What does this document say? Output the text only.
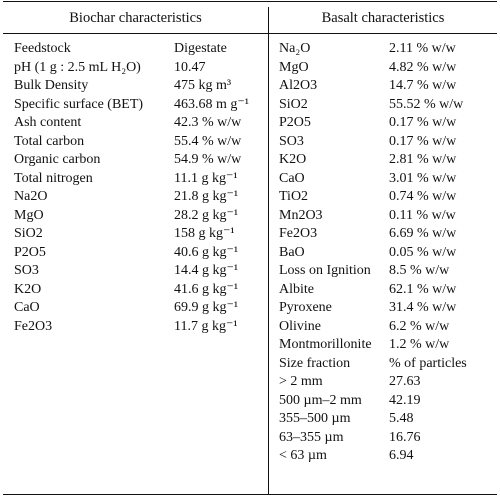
Biochar characteristics	Basalt characteristics
Feedstock	Digestate
pH (1 g : 2.5 mL H₂O) 10.47
Bulk Density	475 kg m³
Specific surface (BET) 463.68 m g⁻¹
Ash content	42.3 % w/w
Total carbon	55.4 % w/w
Organic carbon	54.9 % w/w
Total nitrogen	11.1 g kg⁻¹
Na2O	21.8 g kg⁻¹
MgO	28.2 g kg⁻¹
SiO2	158 g kg⁻¹
P2O5	40.6 g kg⁻¹
SO3	14.4 g kg⁻¹
K2O	41.6 g kg⁻¹
CaO	69.9 g kg⁻¹
Fe2O3	11.7 g kg⁻¹
Na₂O	2.11 % w/w
MgO	4.82 % w/w
Al2O3	14.7 % w/w
SiO2	55.52 % w/w
P2O5	0.17 % w/w
SO3	0.17 % w/w
K2O	2.81 % w/w
CaO	3.01 % w/w
TiO2	0.74 % w/w
Mn2O3	0.11 % w/w
Fe2O3	6.69 % w/w
BaO	0.05 % w/w
Loss on Ignition 8.5 % w/w
Albite	62.1 % w/w
Pyroxene	31.4 % w/w
Olivine	6.2 % w/w
Montmorillonite 1.2 % w/w
Size fraction	% of particles
> 2 mm	27.63
500 µm–2 mm 42.19
355–500 µm	5.48
63–355 µm	16.76
< 63 µm	6.94
